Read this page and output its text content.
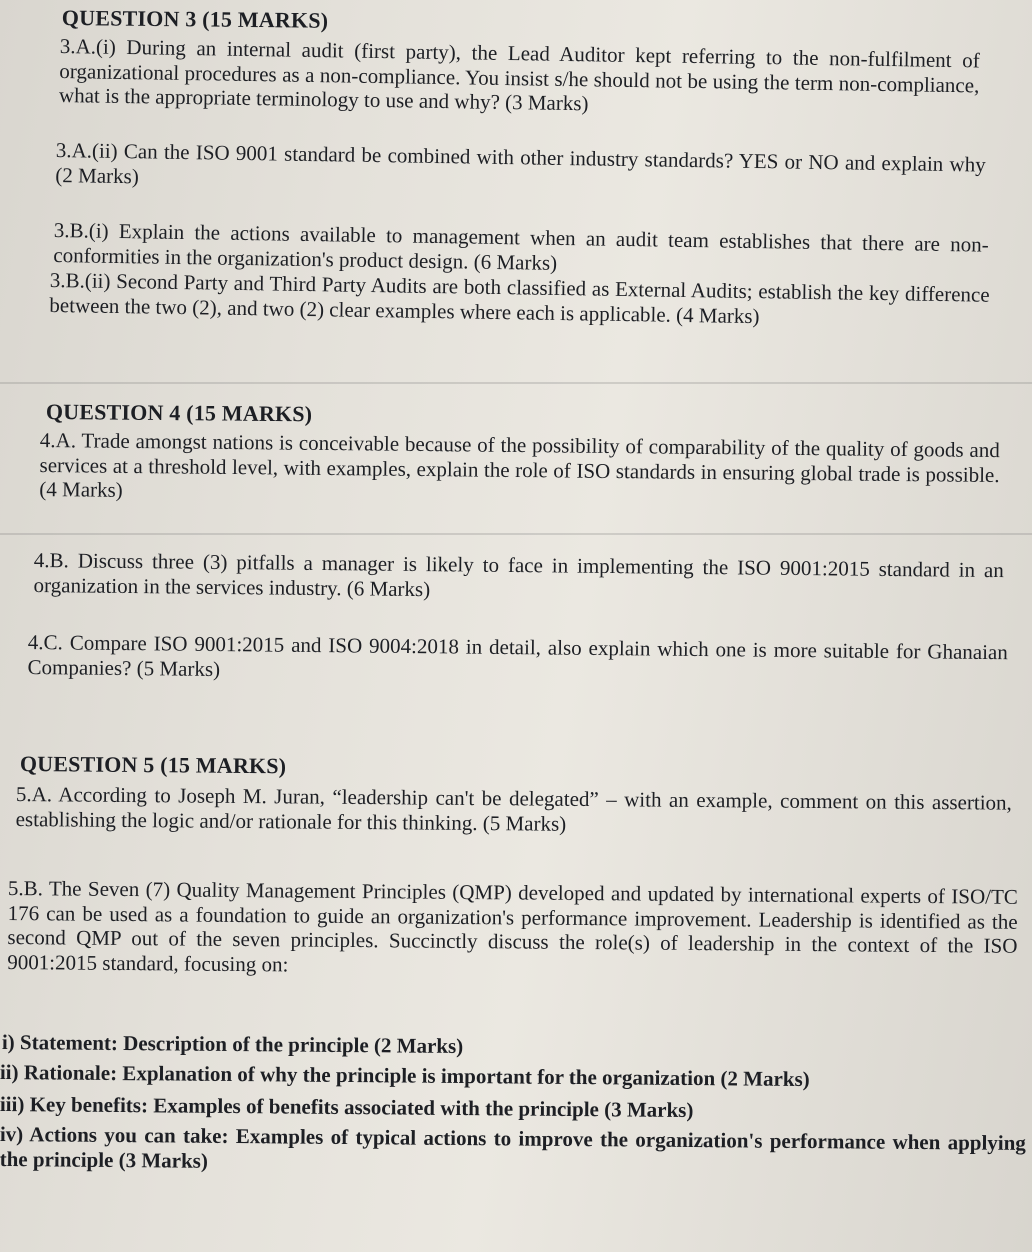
QUESTION 3 (15 MARKS)
3.A.(i) During an internal audit (first party), the Lead Auditor kept referring to the non-fulfilment of organizational procedures as a non-compliance. You insist s/he should not be using the term non-compliance, what is the appropriate terminology to use and why? (3 Marks)
3.A.(ii) Can the ISO 9001 standard be combined with other industry standards? YES or NO and explain why (2 Marks)
3.B.(i) Explain the actions available to management when an audit team establishes that there are non-conformities in the organization's product design. (6 Marks)
3.B.(ii) Second Party and Third Party Audits are both classified as External Audits; establish the key difference between the two (2), and two (2) clear examples where each is applicable. (4 Marks)
QUESTION 4 (15 MARKS)
4.A. Trade amongst nations is conceivable because of the possibility of comparability of the quality of goods and services at a threshold level, with examples, explain the role of ISO standards in ensuring global trade is possible. (4 Marks)
4.B. Discuss three (3) pitfalls a manager is likely to face in implementing the ISO 9001:2015 standard in an organization in the services industry. (6 Marks)
4.C. Compare ISO 9001:2015 and ISO 9004:2018 in detail, also explain which one is more suitable for Ghanaian Companies? (5 Marks)
QUESTION 5 (15 MARKS)
5.A. According to Joseph M. Juran, “leadership can't be delegated” – with an example, comment on this assertion, establishing the logic and/or rationale for this thinking. (5 Marks)
5.B. The Seven (7) Quality Management Principles (QMP) developed and updated by international experts of ISO/TC 176 can be used as a foundation to guide an organization's performance improvement. Leadership is identified as the second QMP out of the seven principles. Succinctly discuss the role(s) of leadership in the context of the ISO 9001:2015 standard, focusing on:
i) Statement: Description of the principle (2 Marks)
ii) Rationale: Explanation of why the principle is important for the organization (2 Marks)
iii) Key benefits: Examples of benefits associated with the principle (3 Marks)
iv) Actions you can take: Examples of typical actions to improve the organization's performance when applying the principle (3 Marks)
